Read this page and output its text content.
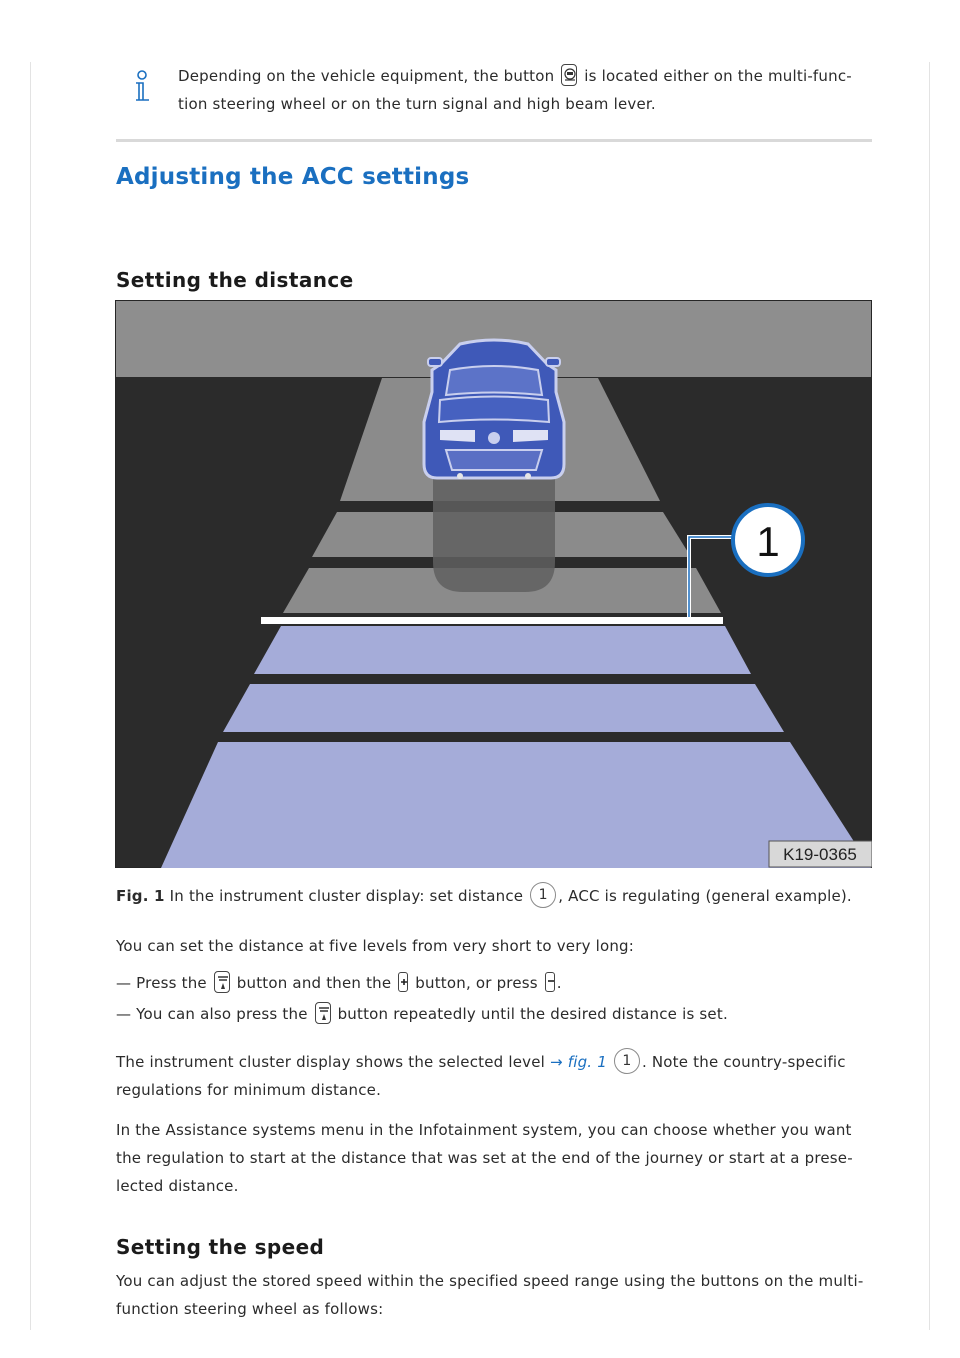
Depending on the vehicle equipment, the button is located either on the multi-func-
tion steering wheel or on the turn signal and high beam lever.
Adjusting the ACC settings
Setting the distance
1
K19-0365
Fig. 1 In the instrument cluster display: set distance 1 , ACC is regulating (general example).
You can set the distance at five levels from very short to very long:
— Press the button and then the button, or press .
— You can also press the button repeatedly until the desired distance is set.
The instrument cluster display shows the selected level → fig. 1 1 . Note the country-specific
regulations for minimum distance.
In the Assistance systems menu in the Infotainment system, you can choose whether you want
the regulation to start at the distance that was set at the end of the journey or start at a prese-
lected distance.
Setting the speed
You can adjust the stored speed within the specified speed range using the buttons on the multi-
function steering wheel as follows:
